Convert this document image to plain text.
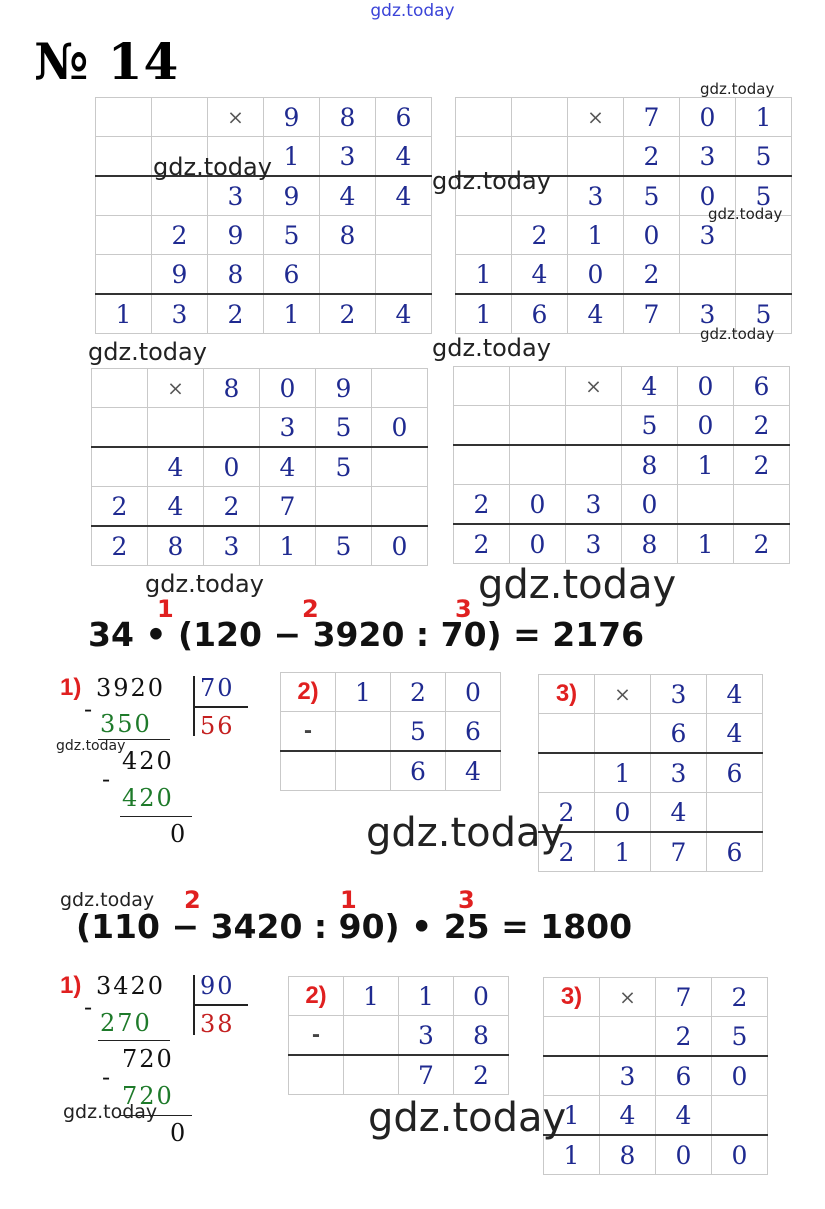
gdz.today
№ 14
		×	9	8	6
			1	3	4
		3	9	4	4
	2	9	5	8	
	9	8	6		
1	3	2	1	2	4
		×	7	0	1
			2	3	5
		3	5	0	5
	2	1	0	3	
1	4	0	2		
1	6	4	7	3	5
	×	8	0	9	
			3	5	0
	4	0	4	5	
2	4	2	7		
2	8	3	1	5	0
		×	4	0	6
			5	0	2
			8	1	2
2	0	3	0		
2	0	3	8	1	2
1	2	3
34 • (120 − 3920 : 70) = 2176
1) 3920 70
-
350 56
420
-
420
0
2)	1	2	0
-		5	6
		6	4
3)	×	3	4
		6	4
	1	3	6
2	0	4	
2	1	7	6
2	1	3
(110 − 3420 : 90) • 25 = 1800
1) 3420 90
-
270 38
720
-
720
0
2)	1	1	0
-		3	8
		7	2
3)	×	7	2
		2	5
	3	6	0
1	4	4	
1	8	0	0
gdz.today
gdz.today	gdz.today
gdz.today
gdz.today
gdz.today	gdz.today
gdz.today	gdz.today
gdz.today
gdz.today
gdz.today
gdz.today	gdz.today
